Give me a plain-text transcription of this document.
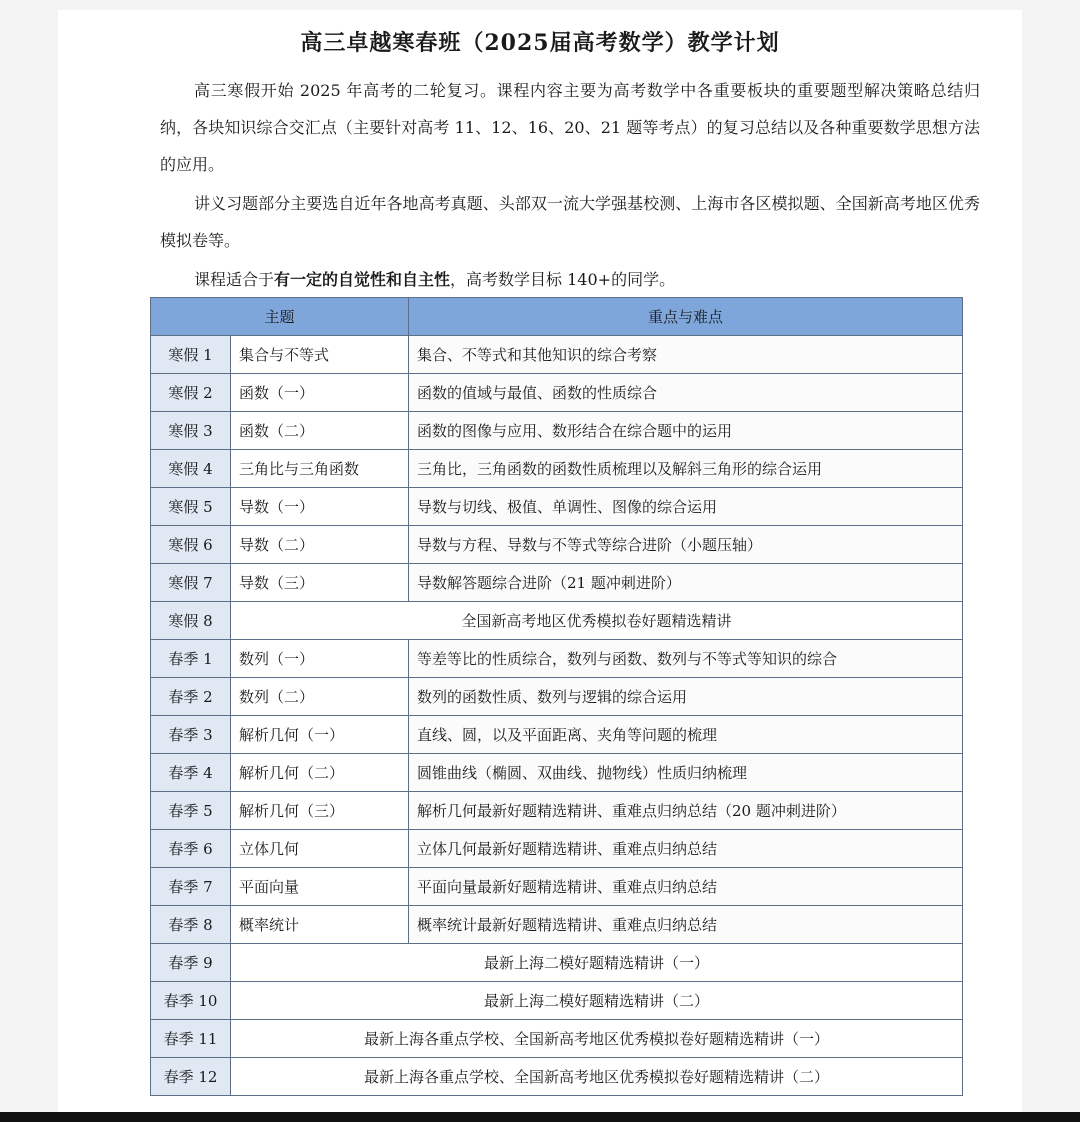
高三卓越寒春班（2025届高考数学）教学计划
高三寒假开始 2025 年高考的二轮复习。课程内容主要为高考数学中各重要板块的重要题型解决策略总结归纳，各块知识综合交汇点（主要针对高考 11、12、16、20、21 题等考点）的复习总结以及各种重要数学思想方法的应用。
讲义习题部分主要选自近年各地高考真题、头部双一流大学强基校测、上海市各区模拟题、全国新高考地区优秀模拟卷等。
课程适合于有一定的自觉性和自主性，高考数学目标 140+的同学。
主题		重点与难点
寒假 1	集合与不等式	集合、不等式和其他知识的综合考察
寒假 2	函数（一）	函数的值域与最值、函数的性质综合
寒假 3	函数（二）	函数的图像与应用、数形结合在综合题中的运用
寒假 4	三角比与三角函数	三角比，三角函数的函数性质梳理以及解斜三角形的综合运用
寒假 5	导数（一）	导数与切线、极值、单调性、图像的综合运用
寒假 6	导数（二）	导数与方程、导数与不等式等综合进阶（小题压轴）
寒假 7	导数（三）	导数解答题综合进阶（21 题冲刺进阶）
寒假 8	全国新高考地区优秀模拟卷好题精选精讲	
春季 1	数列（一）	等差等比的性质综合，数列与函数、数列与不等式等知识的综合
春季 2	数列（二）	数列的函数性质、数列与逻辑的综合运用
春季 3	解析几何（一）	直线、圆，以及平面距离、夹角等问题的梳理
春季 4	解析几何（二）	圆锥曲线（椭圆、双曲线、抛物线）性质归纳梳理
春季 5	解析几何（三）	解析几何最新好题精选精讲、重难点归纳总结（20 题冲刺进阶）
春季 6	立体几何	立体几何最新好题精选精讲、重难点归纳总结
春季 7	平面向量	平面向量最新好题精选精讲、重难点归纳总结
春季 8	概率统计	概率统计最新好题精选精讲、重难点归纳总结
春季 9	最新上海二模好题精选精讲（一）	
春季 10	最新上海二模好题精选精讲（二）	
春季 11	最新上海各重点学校、全国新高考地区优秀模拟卷好题精选精讲（一）	
春季 12	最新上海各重点学校、全国新高考地区优秀模拟卷好题精选精讲（二）	
